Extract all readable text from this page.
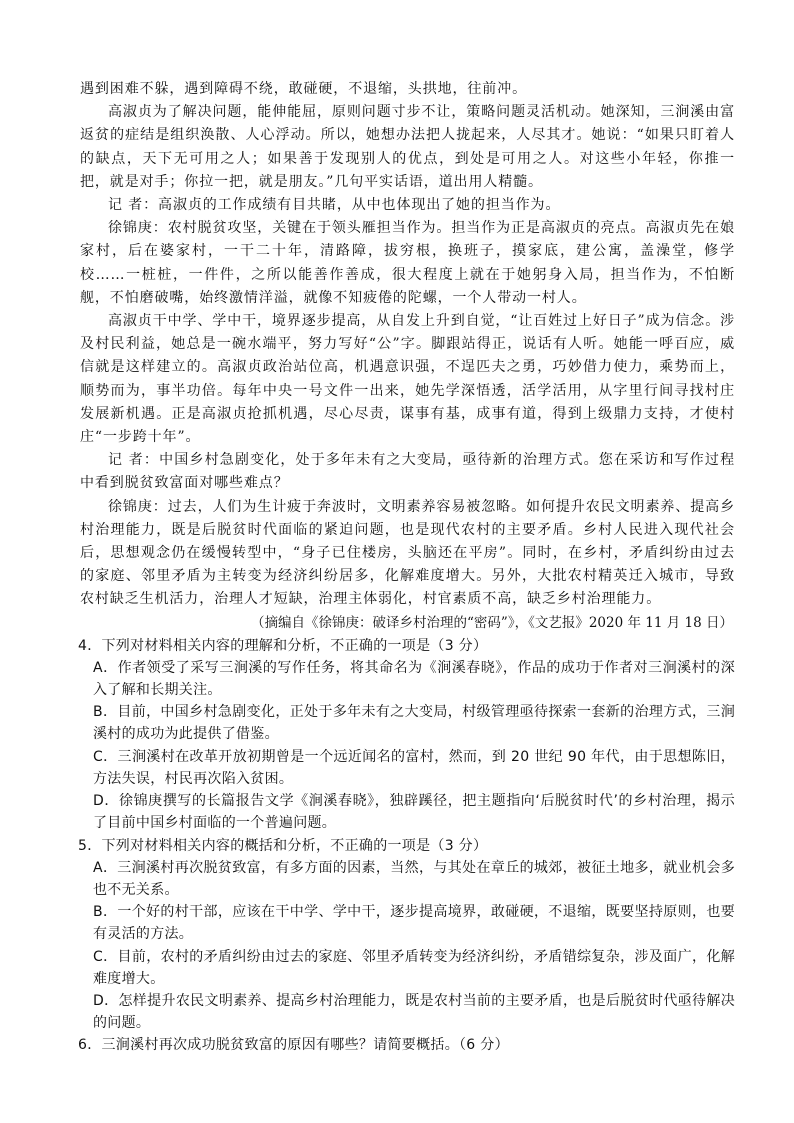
遇到困难不躲，遇到障碍不绕，敢碰硬，不退缩，头拱地，往前冲。

高淑贞为了解决问题，能伸能屈，原则问题寸步不让，策略问题灵活机动。她深知，三涧溪由富返贫的症结是组织涣散、人心浮动。所以，她想办法把人拢起来，人尽其才。她说：“如果只盯着人的缺点，天下无可用之人；如果善于发现别人的优点，到处是可用之人。对这些小年轻，你推一把，就是对手；你拉一把，就是朋友。”几句平实话语，道出用人精髓。

记 者：高淑贞的工作成绩有目共睹，从中也体现出了她的担当作为。

徐锦庚：农村脱贫攻坚，关键在于领头雁担当作为。担当作为正是高淑贞的亮点。高淑贞先在娘家村，后在婆家村，一干二十年，清路障，拔穷根，换班子，摸家底，建公寓，盖澡堂，修学校……一桩桩，一件件，之所以能善作善成，很大程度上就在于她躬身入局，担当作为，不怕断舰，不怕磨破嘴，始终激情洋溢，就像不知疲倦的陀螺，一个人带动一村人。

高淑贞干中学、学中干，境界逐步提高，从自发上升到自觉，“让百姓过上好日子”成为信念。涉及村民利益，她总是一碗水端平，努力写好“公”字。脚跟站得正，说话有人听。她能一呼百应，威信就是这样建立的。高淑贞政治站位高，机遇意识强，不逞匹夫之勇，巧妙借力使力，乘势而上，顺势而为，事半功倍。每年中央一号文件一出来，她先学深悟透，活学活用，从字里行间寻找村庄发展新机遇。正是高淑贞抢抓机遇，尽心尽责，谋事有基，成事有道，得到上级鼎力支持，才使村庄“一步跨十年”。

记 者：中国乡村急剧变化，处于多年未有之大变局，亟待新的治理方式。您在采访和写作过程中看到脱贫致富面对哪些难点？

徐锦庚：过去，人们为生计疲于奔波时，文明素养容易被忽略。如何提升农民文明素养、提高乡村治理能力，既是后脱贫时代面临的紧迫问题，也是现代农村的主要矛盾。乡村人民进入现代社会后，思想观念仍在缓慢转型中，“身子已住楼房，头脑还在平房”。同时，在乡村，矛盾纠纷由过去的家庭、邻里矛盾为主转变为经济纠纷居多，化解难度增大。另外，大批农村精英迁入城市，导致农村缺乏生机活力，治理人才短缺，治理主体弱化，村官素质不高，缺乏乡村治理能力。

（摘编自《徐锦庚：破译乡村治理的“密码”》，《文艺报》2020 年 11 月 18 日）

4．下列对材料相关内容的理解和分析，不正确的一项是（3 分）

A．作者领受了采写三涧溪的写作任务，将其命名为《涧溪春晓》，作品的成功于作者对三涧溪村的深入了解和长期关注。

B．目前，中国乡村急剧变化，正处于多年未有之大变局，村级管理亟待探索一套新的治理方式，三涧溪村的成功为此提供了借鉴。

C．三涧溪村在改革开放初期曾是一个远近闻名的富村，然而，到 20 世纪 90 年代，由于思想陈旧，方法失误，村民再次陷入贫困。

D．徐锦庚撰写的长篇报告文学《涧溪春晓》，独辟蹊径，把主题指向‘后脱贫时代’的乡村治理，揭示了目前中国乡村面临的一个普遍问题。

5．下列对材料相关内容的概括和分析，不正确的一项是（3 分）

A．三涧溪村再次脱贫致富，有多方面的因素，当然，与其处在章丘的城郊，被征土地多，就业机会多也不无关系。

B．一个好的村干部，应该在干中学、学中干，逐步提高境界，敢碰硬，不退缩，既要坚持原则，也要有灵活的方法。

C．目前，农村的矛盾纠纷由过去的家庭、邻里矛盾转变为经济纠纷，矛盾错综复杂，涉及面广，化解难度增大。

D．怎样提升农民文明素养、提高乡村治理能力，既是农村当前的主要矛盾，也是后脱贫时代亟待解决的问题。

6．三涧溪村再次成功脱贫致富的原因有哪些？请简要概括。（6 分）
